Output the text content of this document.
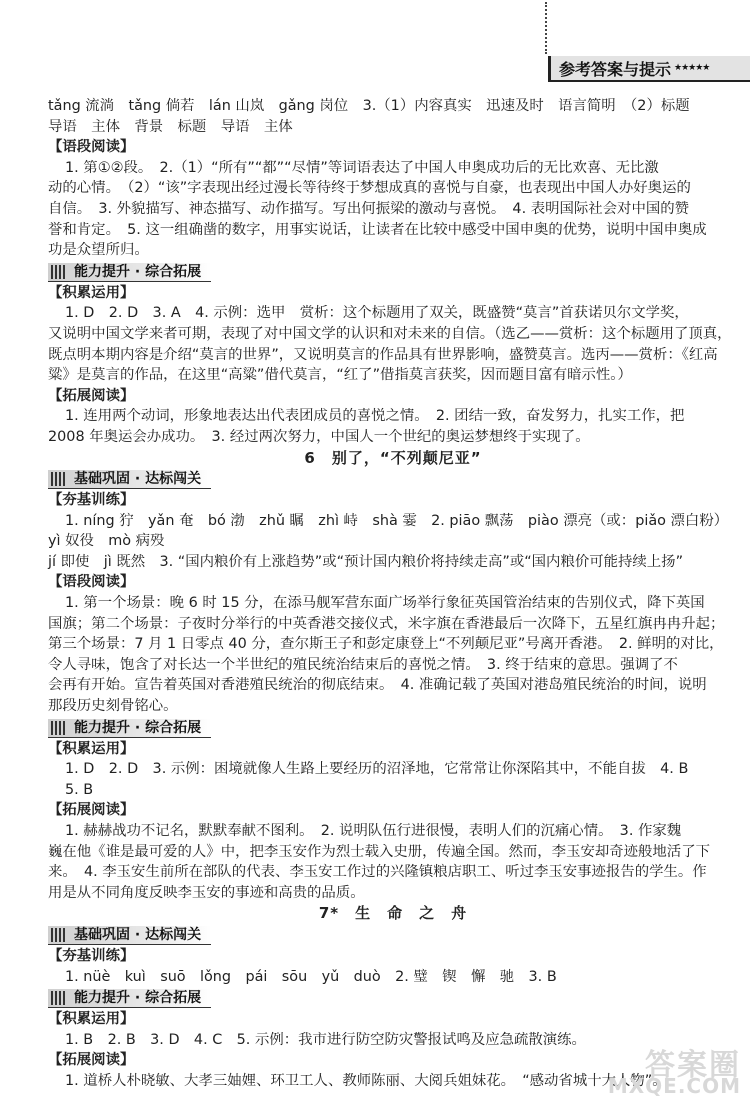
参考答案与提示 ★★★★★

tǎng 流淌　tǎng 倘若　lán 山岚　gǎng 岗位　3.（1）内容真实　迅速及时　语言简明　（2）标题

导语　主体　背景　标题　导语　主体

【语段阅读】

1. 第①②段。　2.（1）“所有”“都”“尽情”等词语表达了中国人申奥成功后的无比欢喜、无比激

动的心情。　（2）“该”字表现出经过漫长等待终于梦想成真的喜悦与自豪，也表现出中国人办好奥运的

自信。　3. 外貌描写、神态描写、动作描写。写出何振梁的激动与喜悦。　4. 表明国际社会对中国的赞

誉和肯定。　5. 这一组确凿的数字，用事实说话，让读者在比较中感受中国申奥的优势，说明中国申奥成

功是众望所归。

能力提升 · 综合拓展

【积累运用】

1. D　2. D　3. A　4. 示例：选甲　赏析：这个标题用了双关，既盛赞“莫言”首获诺贝尔文学奖，

又说明中国文学来者可期，表现了对中国文学的认识和对未来的自信。（选乙——赏析：这个标题用了顶真，

既点明本期内容是介绍“莫言的世界”，又说明莫言的作品具有世界影响，盛赞莫言。选丙——赏析：《红高

粱》是莫言的作品，在这里“高粱”借代莫言，“红了”借指莫言获奖，因而题目富有暗示性。）

【拓展阅读】

1. 连用两个动词，形象地表达出代表团成员的喜悦之情。　2. 团结一致，奋发努力，扎实工作，把

2008 年奥运会办成功。　3. 经过两次努力，中国人一个世纪的奥运梦想终于实现了。

6　别了，“不列颠尼亚”

基础巩固 · 达标闯关

【夯基训练】

1. níng 狞　yǎn 奄　bó 渤　zhǔ 瞩　zhì 峙　shà 霎　2. piāo 飘荡　piào 漂亮（或：piǎo 漂白粉）　yì 奴役　mò 病殁

jí 即使　jì 既然　3. “国内粮价有上涨趋势”或“预计国内粮价将持续走高”或“国内粮价可能持续上扬”

【语段阅读】

1. 第一个场景：晚 6 时 15 分，在添马舰军营东面广场举行象征英国管治结束的告别仪式，降下英国

国旗；第二个场景：子夜时分举行的中英香港交接仪式，米字旗在香港最后一次降下，五星红旗冉冉升起；

第三个场景：7 月 1 日零点 40 分，查尔斯王子和彭定康登上“不列颠尼亚”号离开香港。　2. 鲜明的对比，

令人寻味，饱含了对长达一个半世纪的殖民统治结束后的喜悦之情。　3. 终于结束的意思。强调了不

会再有开始。宣告着英国对香港殖民统治的彻底结束。　4. 准确记载了英国对港岛殖民统治的时间，说明

那段历史刻骨铭心。

能力提升 · 综合拓展

【积累运用】

1. D　2. D　3. 示例：困境就像人生路上要经历的沼泽地，它常常让你深陷其中，不能自拔　4. B

5. B

【拓展阅读】

1. 赫赫战功不记名，默默奉献不图利。　2. 说明队伍行进很慢，表明人们的沉痛心情。　3. 作家魏

巍在他《谁是最可爱的人》中，把李玉安作为烈士载入史册，传遍全国。然而，李玉安却奇迹般地活了下

来。　4. 李玉安生前所在部队的代表、李玉安工作过的兴隆镇粮店职工、听过李玉安事迹报告的学生。作

用是从不同角度反映李玉安的事迹和高贵的品质。

7*　生　命　之　舟

基础巩固 · 达标闯关

【夯基训练】

1. nüè　kuì　suō　lǒng　pái　sōu　yǔ　duò　2. 璧　锲　懈　驰　3. B

能力提升 · 综合拓展

【积累运用】

1. B　2. B　3. D　4. C　5. 示例：我市进行防空防灾警报试鸣及应急疏散演练。

【拓展阅读】

1. 道桥人朴晓敏、大孝三妯娌、环卫工人、教师陈丽、大阅兵姐妹花。　“感动省城十大人物”。

答案圈
MXQE.COM
